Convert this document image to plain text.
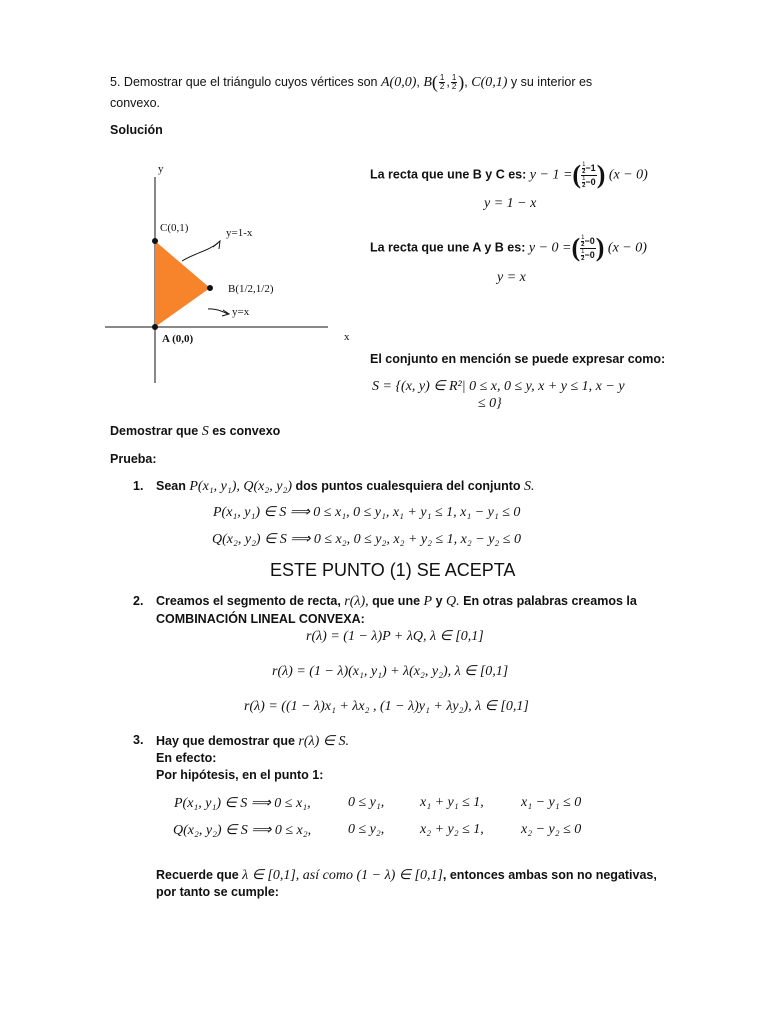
5. Demostrar que el triángulo cuyos vértices son A(0,0), $B( \frac{1}{2}$ , $\frac{1}{2}$ ), C(0,1) y su interior es
convexo.
Solución
y
x
C(0,1)	y=1-x
B(1/2,1/2)
y=x
A (0,0)
La recta que une B y C es: y − 1 =( 1
2−1
1
2−0 ) (x − 0)
y = 1 − x
La recta que une A y B es: y − 0 =( 1
2−0
1
2−0 ) (x − 0)
y = x
El conjunto en mención se puede expresar como:
S = {(x, y) ∈ R²| 0 ≤ x, 0 ≤ y, x + y ≤ 1, x − y
≤ 0}
Demostrar que S es convexo
Prueba:
1. Sean P(x₁, y₁), Q(x₂, y₂) dos puntos cualesquiera del conjunto S.
P(x₁, y₁) ∈ S ⟹ 0 ≤ x₁, 0 ≤ y₁, x₁ + y₁ ≤ 1, x₁ − y₁ ≤ 0
Q(x₂, y₂) ∈ S ⟹ 0 ≤ x₂, 0 ≤ y₂, x₂ + y₂ ≤ 1, x₂ − y₂ ≤ 0
ESTE PUNTO (1) SE ACEPTA
2. Creamos el segmento de recta, r(λ), que une P y Q. En otras palabras creamos la
COMBINACIÓN LINEAL CONVEXA:
r(λ) = (1 − λ)P + λQ, λ ∈ [0,1]
r(λ) = (1 − λ)(x₁, y₁) + λ(x₂, y₂), λ ∈ [0,1]
r(λ) = ((1 − λ)x₁ + λx₂ , (1 − λ)y₁ + λy₂), λ ∈ [0,1]
3. Hay que demostrar que r(λ) ∈ S.
En efecto:
Por hipótesis, en el punto 1:
P(x₁, y₁) ∈ S ⟹ 0 ≤ x₁,	0 ≤ y₁,	x₁ + y₁ ≤ 1,	x₁ − y₁ ≤ 0
Q(x₂, y₂) ∈ S ⟹ 0 ≤ x₂,	0 ≤ y₂,	x₂ + y₂ ≤ 1,	x₂ − y₂ ≤ 0
Recuerde que λ ∈ [0,1], así como (1 − λ) ∈ [0,1], entonces ambas son no negativas,
por tanto se cumple:
